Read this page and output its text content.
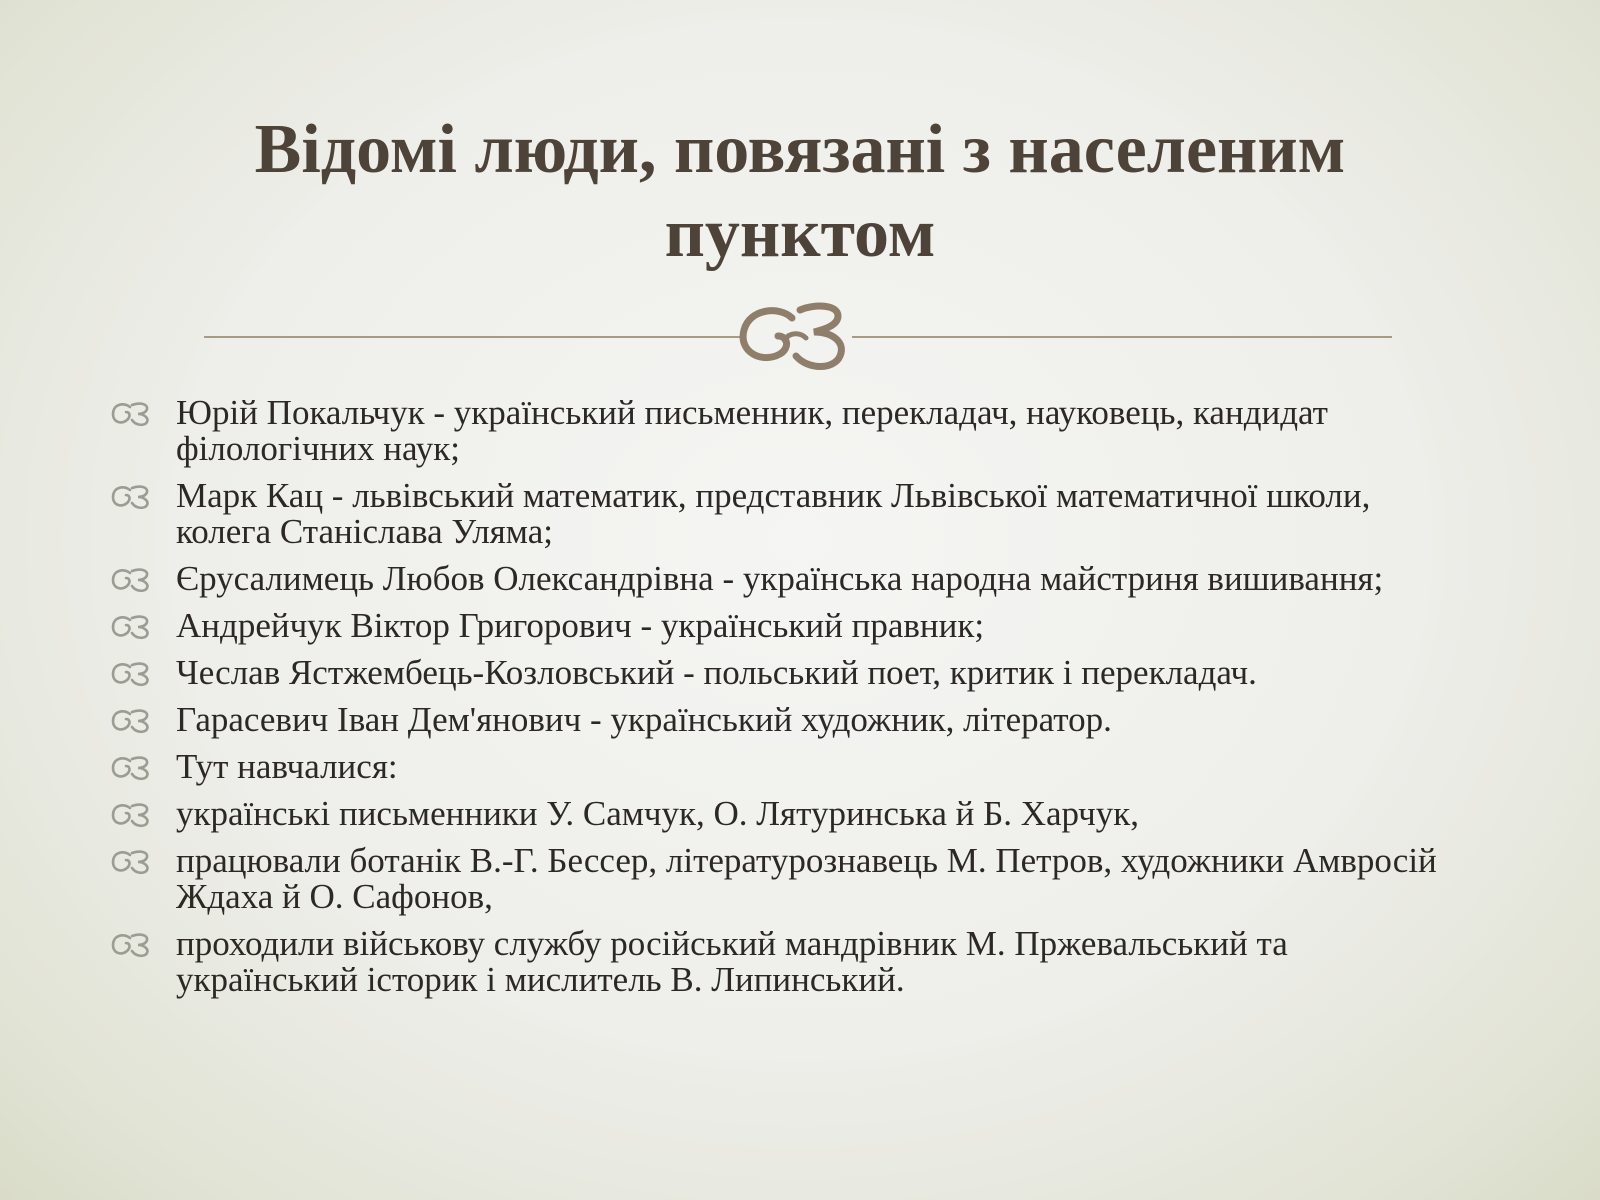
Відомі люди, повязані з населеним пунктом
Юрій Покальчук - український письменник, перекладач, науковець, кандидат філологічних наук;
Марк Кац - львівський математик, представник Львівської математичної школи, колега Станіслава Уляма;
Єрусалимець Любов Олександрівна - українська народна майстриня вишивання;
Андрейчук Віктор Григорович - український правник;
Чеслав Ястжембець-Козловський - польський поет, критик і перекладач.
Гарасевич Іван Дем'янович - український художник, літератор.
Тут навчалися:
українські письменники У. Самчук, О. Лятуринська й Б. Харчук,
працювали ботанік В.-Г. Бессер, літературознавець М. Петров, художники Амвросій Ждаха й О. Сафонов,
проходили військову службу російський мандрівник М. Пржевальський та український історик і мислитель В. Липинський.
